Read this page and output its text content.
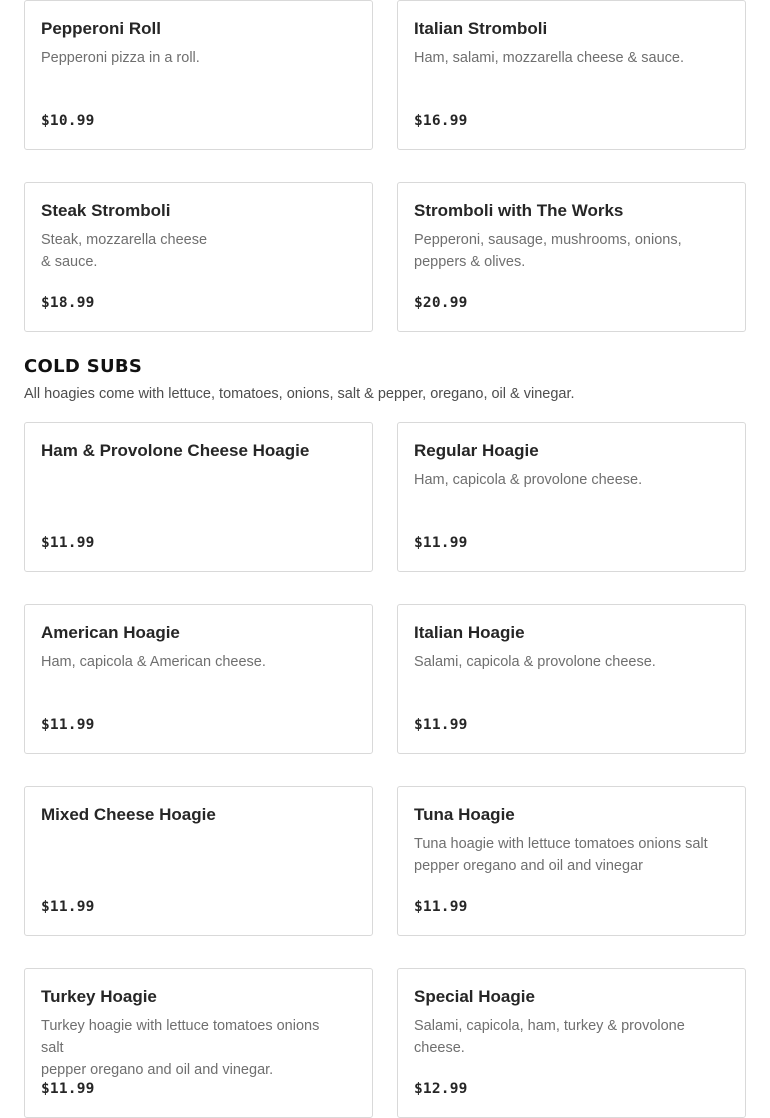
Pepperoni Roll
Pepperoni pizza in a roll.
$10.99
Italian Stromboli
Ham, salami, mozzarella cheese & sauce.
$16.99
Steak Stromboli
Steak, mozzarella cheese
& sauce.
$18.99
Stromboli with The Works
Pepperoni, sausage, mushrooms, onions,
peppers & olives.
$20.99
COLD SUBS
All hoagies come with lettuce, tomatoes, onions, salt & pepper, oregano, oil & vinegar.
Ham & Provolone Cheese Hoagie
$11.99
Regular Hoagie
Ham, capicola & provolone cheese.
$11.99
American Hoagie
Ham, capicola & American cheese.
$11.99
Italian Hoagie
Salami, capicola & provolone cheese.
$11.99
Mixed Cheese Hoagie
$11.99
Tuna Hoagie
Tuna hoagie with lettuce tomatoes onions salt
pepper oregano and oil and vinegar
$11.99
Turkey Hoagie
Turkey hoagie with lettuce tomatoes onions salt
pepper oregano and oil and vinegar.
$11.99
Special Hoagie
Salami, capicola, ham, turkey & provolone
cheese.
$12.99
